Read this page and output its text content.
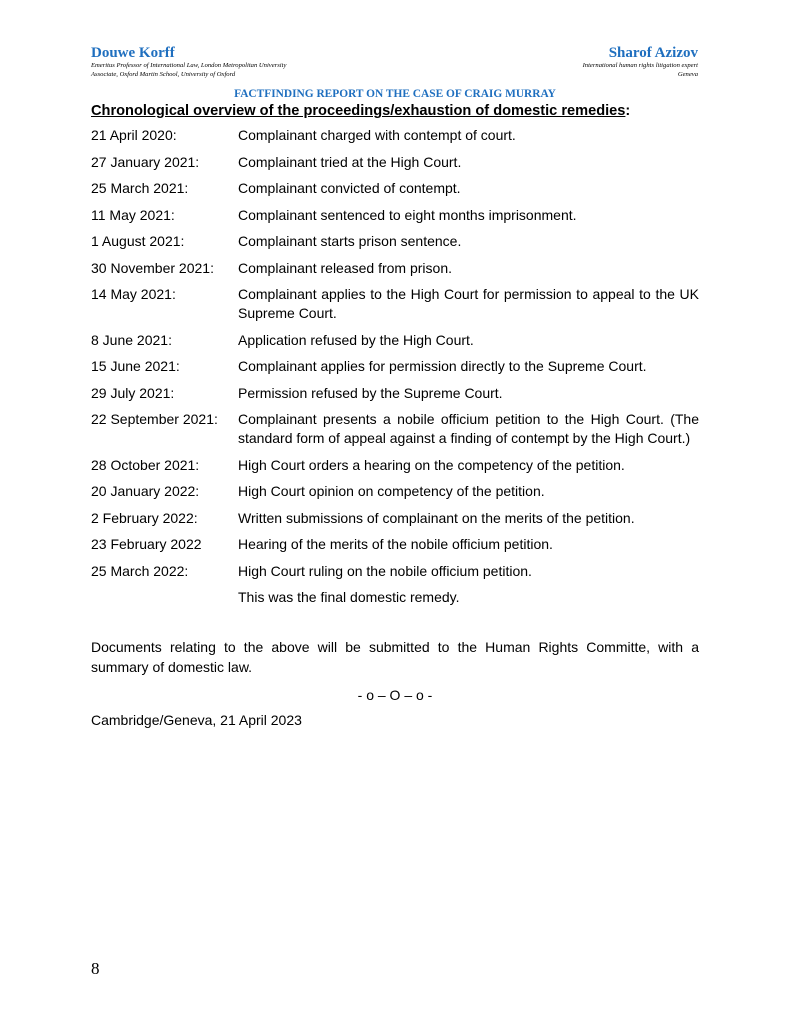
Douwe Korff
Emeritus Professor of International Law, London Metropolitan University
Associate, Oxford Martin School, University of Oxford
Sharof Azizov
International human rights litigation expert
Geneva
FACTFINDING REPORT ON THE CASE OF CRAIG MURRAY
Chronological overview of the proceedings/exhaustion of domestic remedies:
21 April 2020:	Complainant charged with contempt of court.
27 January 2021:	Complainant tried at the High Court.
25 March 2021:	Complainant convicted of contempt.
11 May 2021:	Complainant sentenced to eight months imprisonment.
1 August 2021:	Complainant starts prison sentence.
30 November 2021:	Complainant released from prison.
14 May 2021:	Complainant applies to the High Court for permission to appeal to the UK Supreme Court.
8 June 2021:	Application refused by the High Court.
15 June 2021:	Complainant applies for permission directly to the Supreme Court.
29 July 2021:	Permission refused by the Supreme Court.
22 September 2021:	Complainant presents a nobile officium petition to the High Court. (The standard form of appeal against a finding of contempt by the High Court.)
28 October 2021:	High Court orders a hearing on the competency of the petition.
20 January 2022:	High Court opinion on competency of the petition.
2 February 2022:	Written submissions of complainant on the merits of the petition.
23 February 2022	Hearing of the merits of the nobile officium petition.
25 March 2022:	High Court ruling on the nobile officium petition.
This was the final domestic remedy.
Documents relating to the above will be submitted to the Human Rights Committe, with a summary of domestic law.
- o – O – o -
Cambridge/Geneva, 21 April 2023
8
